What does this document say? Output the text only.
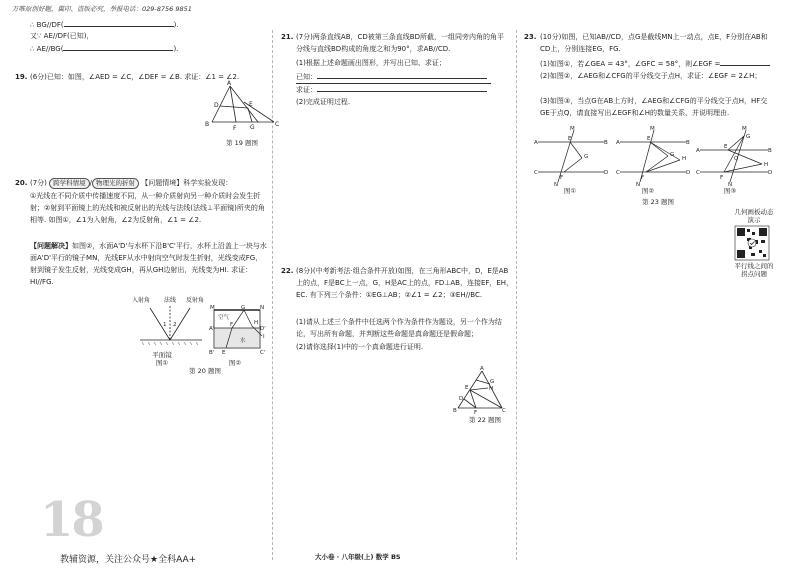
万唯原创好题，翼印、盗版必究，举报电话：029-8756 9851
∴ BG//DF(	).
又∵ AE//DF(已知)，
∴ AE//BG(	).
19. (6分)已知：如图，∠AED = ∠C，∠DEF = ∠B. 求证：∠1 = ∠2.
A
B
D	E
G	C
F
第 19 题图
20. (7分) 跨学科情境 / 物理光的折射 【问题情境】科学实验发现：
①光线在不同介质中传播速度不同，从一种介质射向另一种介质时会发生折射；②射到平面镜上的光线和被反射出的光线与法线(法线⊥平面镜)所夹的角相等. 如图①，∠1为入射角，∠2为反射角，∠1 = ∠2.
【问题解决】如图②，水面A'D'与水杯下沿B'C'平行，水杯上沿盖上一块与水面A'D'平行的镜子MN，光线EF从水中射向空气时发生折射，光线变成FG，射到镜子发生反射，光线变成GH，再从GH边射出，光线变为HI. 求证：HI//FG.
1 2
入射角 法线 反射角
平面镜
图①
M	N
G
H
A'	D'
B'	C'
F
E
I
空气
水
图②
第 20 题图
18
教辅资源，关注公众号★全科AA+
21. (7分)两条直线AB，CD被第三条直线BD所截，一组同旁内角的角平分线与直线BD构成的角度之和为90°，求AB//CD.
(1)根据上述命题画出图形，并写出已知、求证；
已知：
求证：
(2)完成证明过程.
22. (8分)(中考新考法·组合条件开放)如图，在三角形ABC中，D，E是AB上的点，F是BC上一点，G，H是AC上的点，FD⊥AB，连接EF，EH，EC. 有下列三个条件：①EG⊥AB；②∠1 = ∠2；③EH//BC.
(1)请从上述三个条件中任选两个作为条件作为题设，另一个作为结论，写出所有命题，并判断这些命题是真命题还是假命题；
(2)请你选择(1)中的一个真命题进行证明.
A
B	C
D
E
F
G
H
第 22 题图
大小卷 · 八年级(上) 数学 BS
23. (10分)如图，已知AB//CD，点G是截线MN上一动点，点E，F分别在AB和CD上，分别连接EG，FG.
(1)如图①，若∠GEA = 43°，∠GFC = 58°，则∠EGF =
(2)如图②，∠AEG和∠CFG的平分线交于点H，求证：∠EGF = 2∠H；
(3)如图③，当点G在AB上方时，∠AEG和∠CFG的平分线交于点H，HF交GE于点Q，请直接写出∠EGF和∠H的数量关系，并说明理由.
A	B
C	D
M
E
G
F
N
A	B
C	D
M
E
G
H
F
N
A	B
C	D
M
G
E
Q
H
F
N
图①	图②	图③
第 23 题图
几何画板动态演示
平行线之间的拐点问题
